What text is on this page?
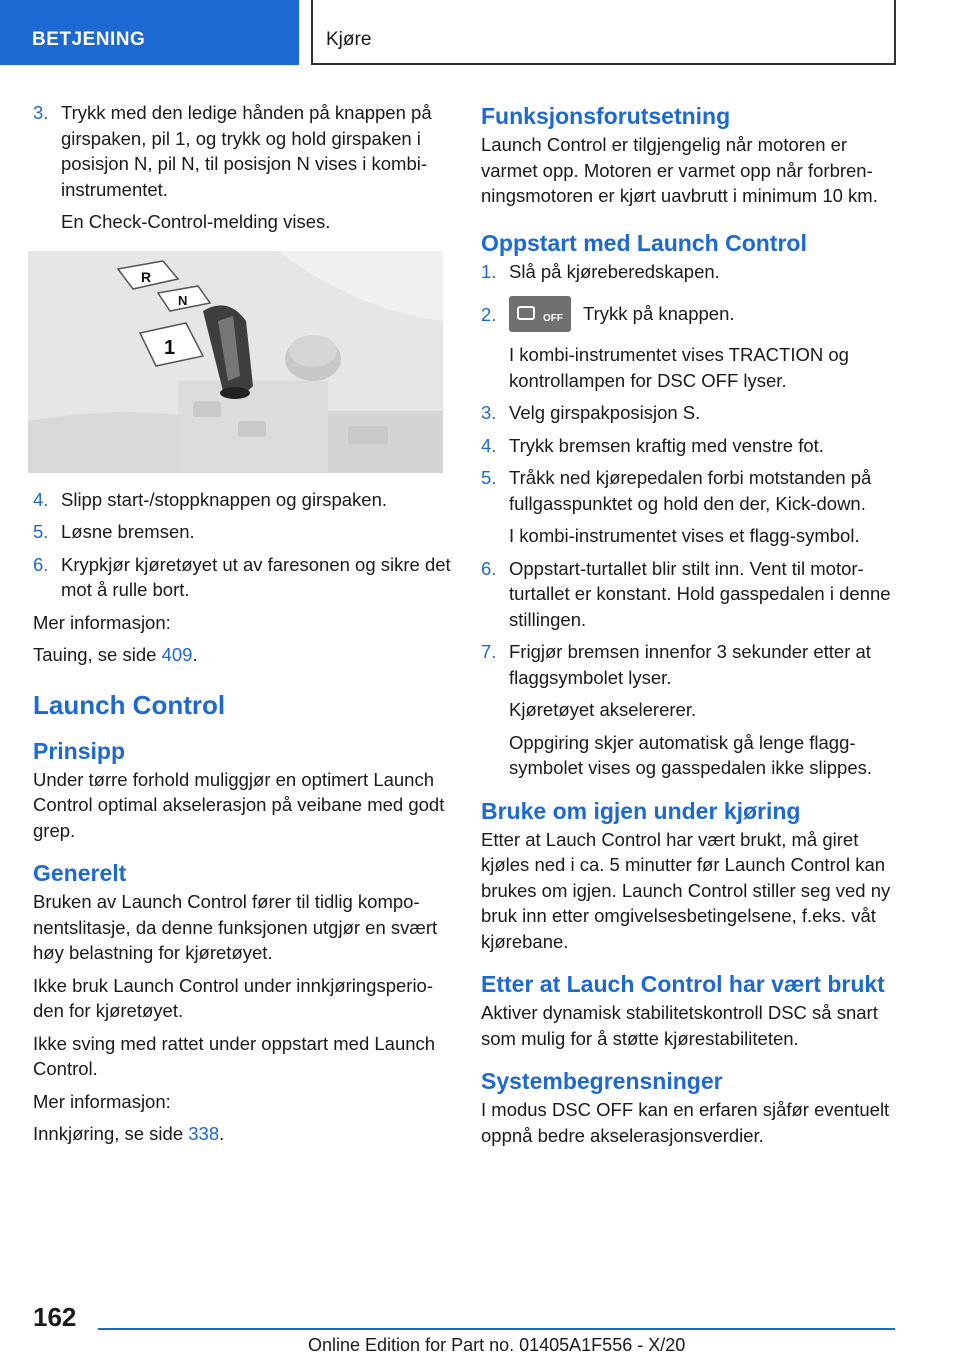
BETJENING	Kjøre
3. Trykk med den ledige hånden på knappen på girspaken, pil 1, og trykk og hold girspaken i posisjon N, pil N, til posisjon N vises i kombiinstrumentet.

En Check-Control-melding vises.

R
N
1
4. Slipp start-/stoppknappen og girspaken.

5. Løsne bremsen.

6. Krypkjør kjøretøyet ut av faresonen og sikre det mot å rulle bort.

Mer informasjon:

Tauing, se side 409.

Launch Control
Prinsipp

Under tørre forhold muliggjør en optimert Launch Control optimal akselerasjon på veibane med godt grep.

Generelt

Bruken av Launch Control fører til tidlig komponentslitasje, da denne funksjonen utgjør en svært høy belastning for kjøretøyet.

Ikke bruk Launch Control under innkjøringsperioden for kjøretøyet.

Ikke sving med rattet under oppstart med Launch Control.

Mer informasjon:

Innkjøring, se side 338.

Funksjonsforutsetning

Launch Control er tilgjengelig når motoren er varmet opp. Motoren er varmet opp når forbrenningsmotoren er kjørt uavbrutt i minimum 10 km.

Oppstart med Launch Control
1. Slå på kjøreberedskapen.

2.	OFF Trykk på knappen.

I kombi-instrumentet vises TRACTION og kontrollampen for DSC OFF lyser.

3. Velg girspakposisjon S.

4. Trykk bremsen kraftig med venstre fot.

5. Tråkk ned kjørepedalen forbi motstanden på fullgasspunktet og hold den der, Kick-down.

I kombi-instrumentet vises et flagg-symbol.

6. Oppstart-turtallet blir stilt inn. Vent til motorturtallet er konstant. Hold gasspedalen i denne stillingen.

7. Frigjør bremsen innenfor 3 sekunder etter at flaggsymbolet lyser.

Kjøretøyet akselererer.

Oppgiring skjer automatisk gå lenge flaggsymbolet vises og gasspedalen ikke slippes.

Bruke om igjen under kjøring

Etter at Lauch Control har vært brukt, må giret kjøles ned i ca. 5 minutter før Launch Control kan brukes om igjen. Launch Control stiller seg ved ny bruk inn etter omgivelsesbetingelsene, f.eks. våt kjørebane.

Etter at Lauch Control har vært brukt

Aktiver dynamisk stabilitetskontroll DSC så snart som mulig for å støtte kjørestabiliteten.

Systembegrensninger

I modus DSC OFF kan en erfaren sjåfør eventuelt oppnå bedre akselerasjonsverdier.

162
Online Edition for Part no. 01405A1F556 - X/20
